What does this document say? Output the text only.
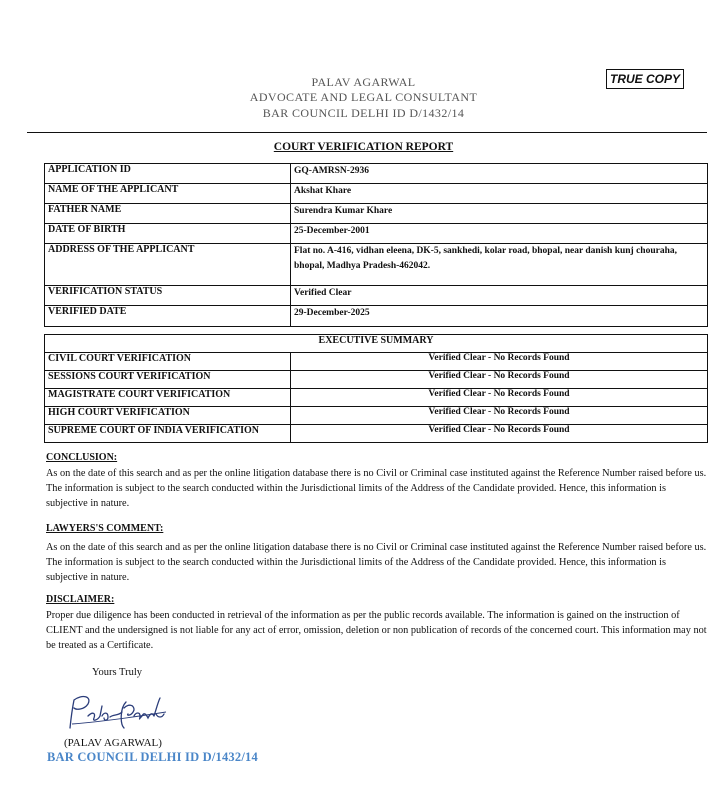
TRUE COPY
PALAV AGARWAL
ADVOCATE AND LEGAL CONSULTANT
BAR COUNCIL DELHI ID D/1432/14
COURT VERIFICATION REPORT
APPLICATION ID	GQ-AMRSN-2936
NAME OF THE APPLICANT	Akshat Khare
FATHER NAME	Surendra Kumar Khare
DATE OF BIRTH	25-December-2001
ADDRESS OF THE APPLICANT	Flat no. A-416, vidhan eleena, DK-5, sankhedi, kolar road, bhopal, near danish kunj chouraha, bhopal, Madhya Pradesh-462042.
VERIFICATION STATUS	Verified Clear
VERIFIED DATE	29-December-2025
EXECUTIVE SUMMARY	
CIVIL COURT VERIFICATION	Verified Clear - No Records Found
SESSIONS COURT VERIFICATION	Verified Clear - No Records Found
MAGISTRATE COURT VERIFICATION	Verified Clear - No Records Found
HIGH COURT VERIFICATION	Verified Clear - No Records Found
SUPREME COURT OF INDIA VERIFICATION	Verified Clear - No Records Found
CONCLUSION:
As on the date of this search and as per the online litigation database there is no Civil or Criminal case instituted against the Reference Number raised before us. The information is subject to the search conducted within the Jurisdictional limits of the Address of the Candidate provided. Hence, this information is subjective in nature.
LAWYERS'S COMMENT:
As on the date of this search and as per the online litigation database there is no Civil or Criminal case instituted against the Reference Number raised before us. The information is subject to the search conducted within the Jurisdictional limits of the Address of the Candidate provided. Hence, this information is subjective in nature.
DISCLAIMER:
Proper due diligence has been conducted in retrieval of the information as per the public records available. The information is gained on the instruction of CLIENT and the undersigned is not liable for any act of error, omission, deletion or non publication of records of the concerned court. This information may not be treated as a Certificate.
Yours Truly
(PALAV AGARWAL)
BAR COUNCIL DELHI ID D/1432/14
